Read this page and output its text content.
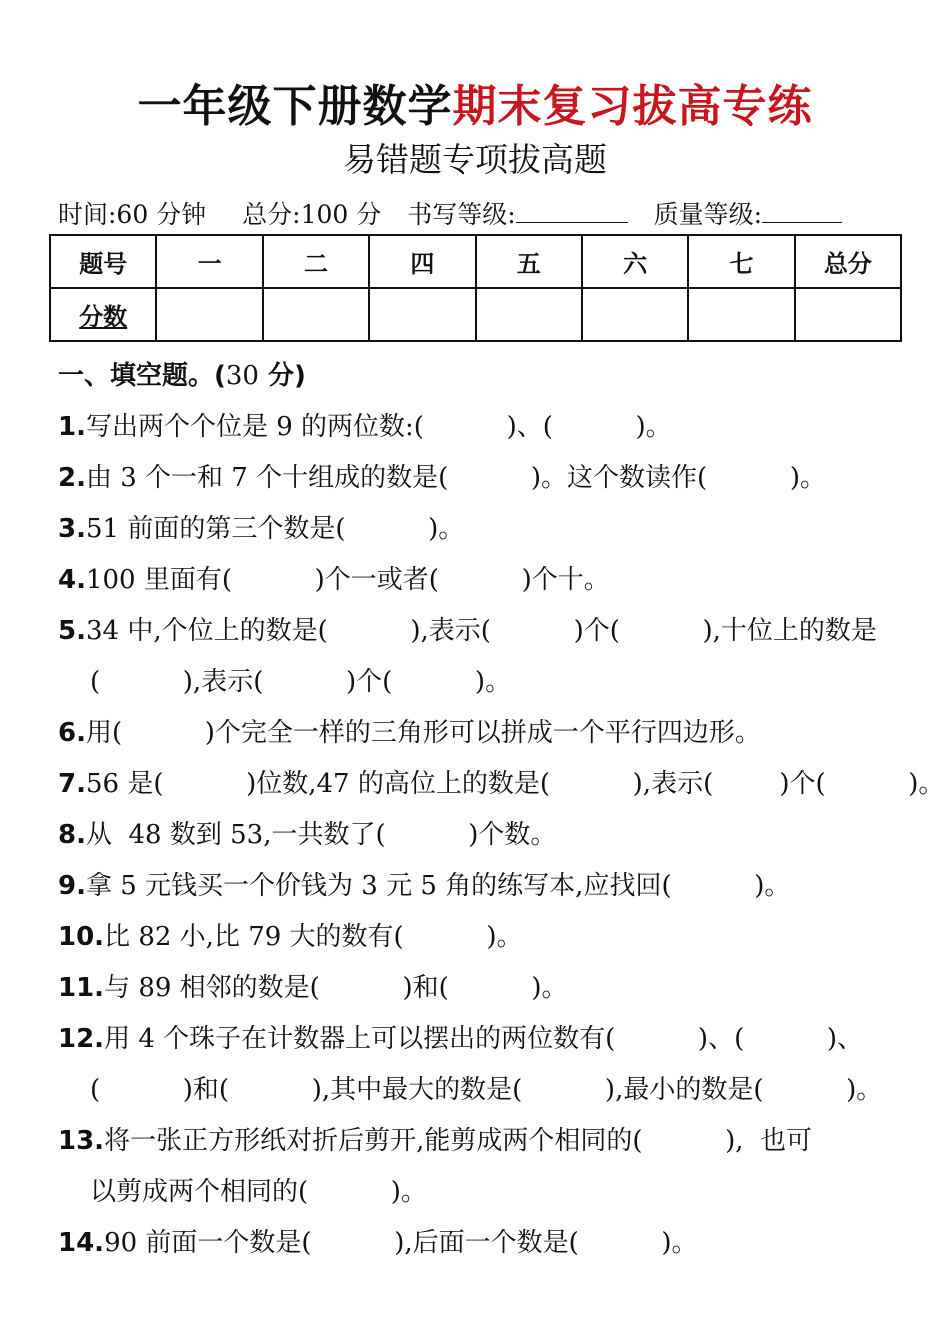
一年级下册数学期末复习拔高专练
易错题专项拔高题
时间:60 分钟 总分:100 分 书写等级:	质量等级:
题号	一	二	四	五	六	七	总分
分数							
一、填空题。(30 分)
1.写出两个个位是 9 的两位数:(          )、(          )。
2.由 3 个一和 7 个十组成的数是(          )。这个数读作(          )。
3.51 前面的第三个数是(          )。
4.100 里面有(          )个一或者(          )个十。
5.34 中,个位上的数是(          ),表示(          )个(          ),十位上的数是
(          ),表示(          )个(          )。
6.用(          )个完全一样的三角形可以拼成一个平行四边形。
7.56 是(          )位数,47 的高位上的数是(          ),表示(        )个(          )。
8.从  48 数到 53,一共数了(          )个数。
9.拿 5 元钱买一个价钱为 3 元 5 角的练写本,应找回(          )。
10.比 82 小,比 79 大的数有(          )。
11.与 89 相邻的数是(          )和(          )。
12.用 4 个珠子在计数器上可以摆出的两位数有(          )、(          )、
(          )和(          ),其中最大的数是(          ),最小的数是(          )。
13.将一张正方形纸对折后剪开,能剪成两个相同的(          ),  也可
以剪成两个相同的(          )。
14.90 前面一个数是(          ),后面一个数是(          )。
